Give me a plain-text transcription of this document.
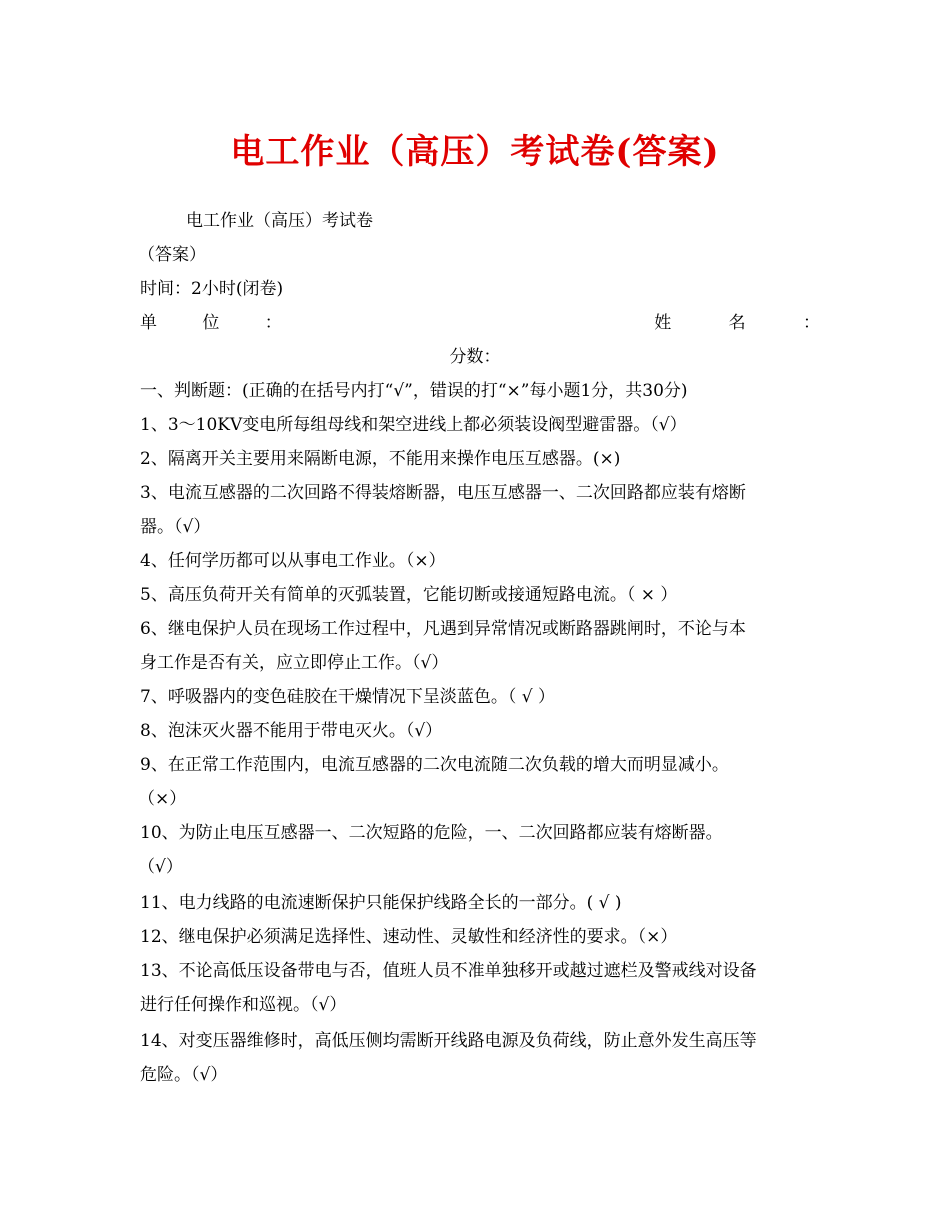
电工作业（高压）考试卷(答案)
电工作业（高压）考试卷
（答案）
时间：2小时(闭卷)
单 位 ：	姓 名 ：
分数：
一、判断题：(正确的在括号内打“√”，错误的打“×”每小题1分，共30分)
1、3～10KV变电所每组母线和架空进线上都必须装设阀型避雷器。（√）
2、隔离开关主要用来隔断电源，不能用来操作电压互感器。(×)
3、电流互感器的二次回路不得装熔断器，电压互感器一、二次回路都应装有熔断
器。（√）
4、任何学历都可以从事电工作业。（×）
5、高压负荷开关有简单的灭弧装置，它能切断或接通短路电流。（ × ）
6、继电保护人员在现场工作过程中，凡遇到异常情况或断路器跳闸时，不论与本
身工作是否有关，应立即停止工作。（√）
7、呼吸器内的变色硅胶在干燥情况下呈淡蓝色。（ √ ）
8、泡沫灭火器不能用于带电灭火。（√）
9、在正常工作范围内，电流互感器的二次电流随二次负载的增大而明显减小。
（×）
10、为防止电压互感器一、二次短路的危险，一、二次回路都应装有熔断器。
（√）
11、电力线路的电流速断保护只能保护线路全长的一部分。( √ )
12、继电保护必须满足选择性、速动性、灵敏性和经济性的要求。（×）
13、不论高低压设备带电与否，值班人员不准单独移开或越过遮栏及警戒线对设备
进行任何操作和巡视。（√）
14、对变压器维修时，高低压侧均需断开线路电源及负荷线，防止意外发生高压等
危险。（√）
